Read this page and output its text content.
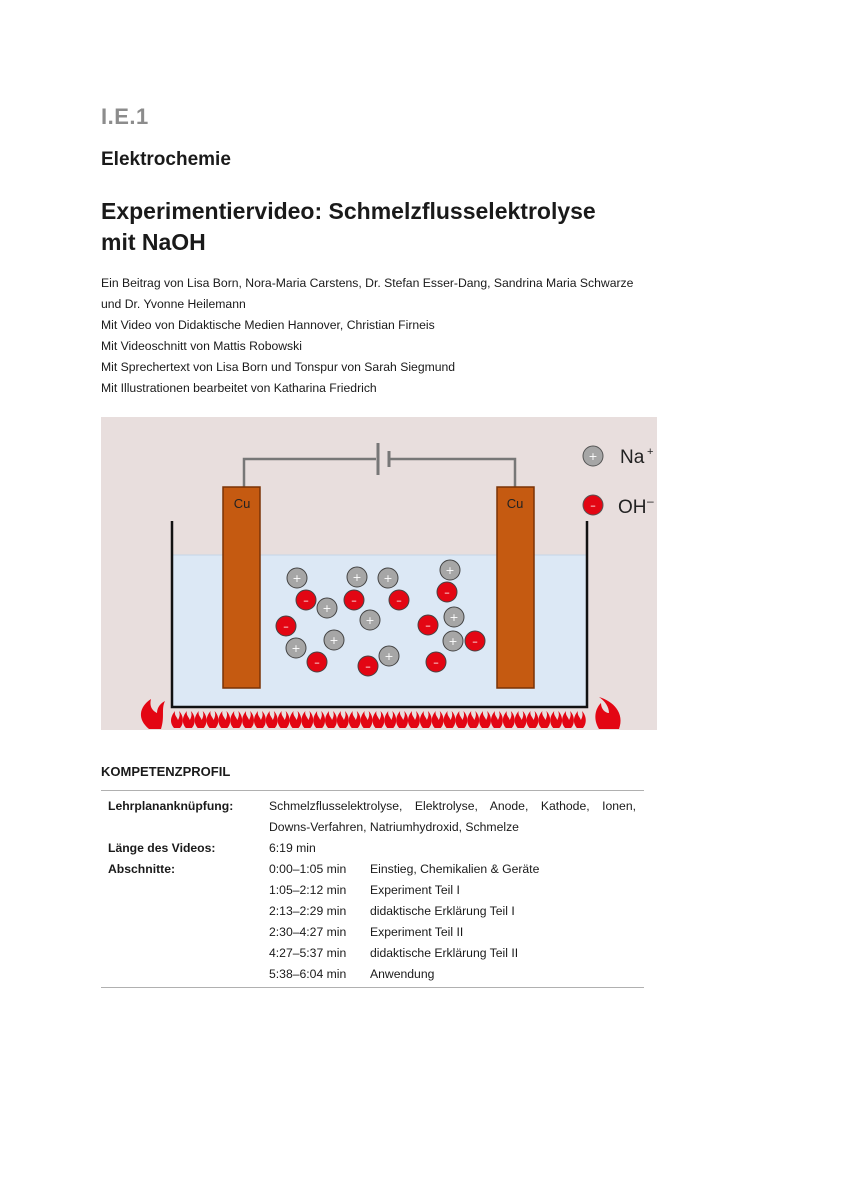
I.E.1
Elektrochemie
Experimentiervideo: Schmelzflusselektrolyse
mit NaOH
Ein Beitrag von Lisa Born, Nora-Maria Carstens, Dr. Stefan Esser-Dang, Sandrina Maria Schwarze
und Dr. Yvonne Heilemann
Mit Video von Didaktische Medien Hannover, Christian Firneis
Mit Videoschnitt von Mattis Robowski
Mit Sprechertext von Lisa Born und Tonspur von Sarah Siegmund
Mit Illustrationen bearbeitet von Katharina Friedrich
Cu	Cu
+ Na +
– OH –
+	+ +
+
–	–	–
–
+
+	+
–	–
+
+
+ –
–	–
+	–
KOMPETENZPROFIL
Lehrplananknüpfung:	Schmelzflusselektrolyse, Elektrolyse, Anode, Kathode, Ionen,
Downs-Verfahren, Natriumhydroxid, Schmelze
Länge des Videos:	6:19 min
Abschnitte:	0:00–1:05 min	Einstieg, Chemikalien & Geräte
1:05–2:12 min	Experiment Teil I
2:13–2:29 min	didaktische Erklärung Teil I
2:30–4:27 min	Experiment Teil II
4:27–5:37 min	didaktische Erklärung Teil II
5:38–6:04 min	Anwendung
